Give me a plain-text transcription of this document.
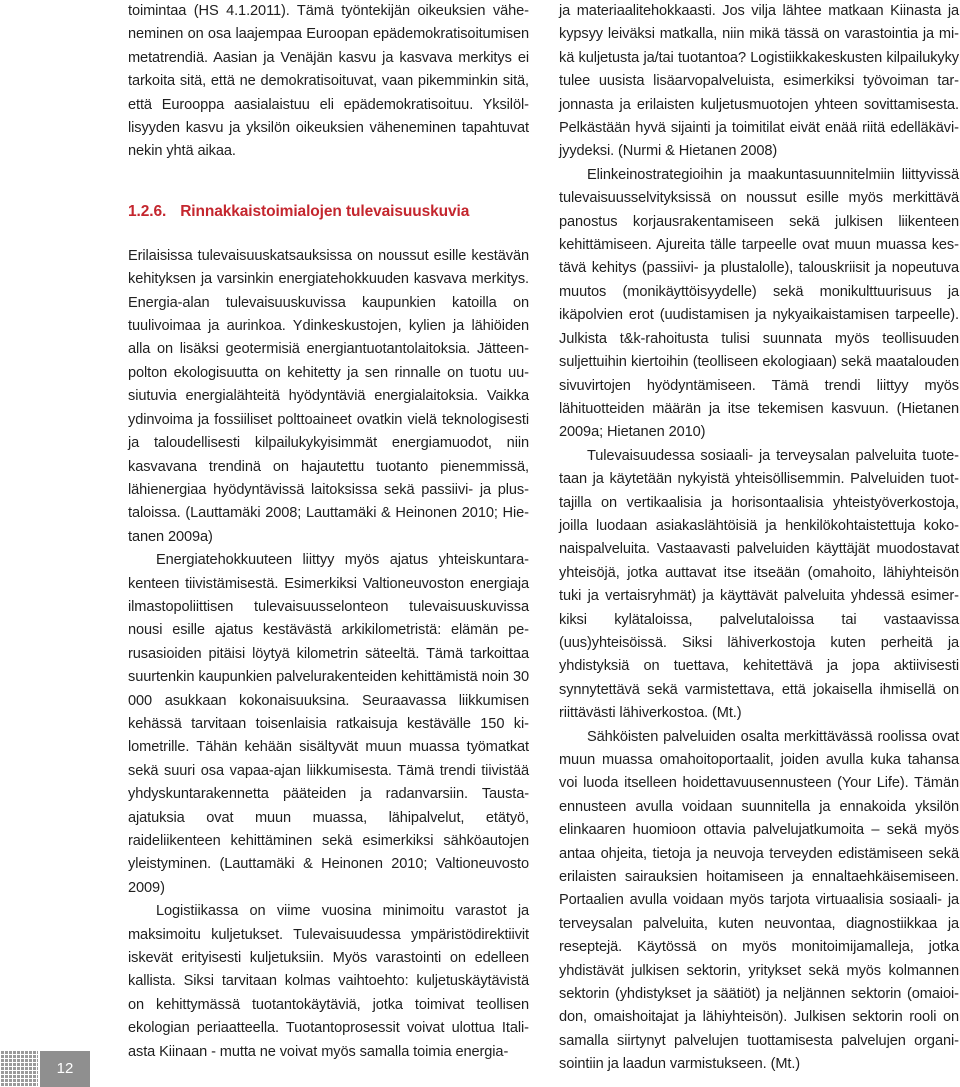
toimintaa (HS 4.1.2011). Tämä työntekijän oikeuksien väheneminen on osa laajempaa Euroopan epädemokratisoitumisen metatrendiä. Aasian ja Venäjän kasvu ja kasvava merkitys ei tarkoita sitä, että ne demokratisoituvat, vaan pikemminkin sitä, että Eurooppa aasialaistuu eli epädemokratisoituu. Yksilöllisyyden kasvu ja yksilön oikeuksien väheneminen tapahtuvat nekin yhtä aikaa.

1.2.6. Rinnakkaistoimialojen tulevaisuuskuvia

Erilaisissa tulevaisuuskatsauksissa on noussut esille kestävän kehityksen ja varsinkin energiatehokkuuden kasvava merkitys. Energia-alan tulevaisuuskuvissa kaupunkien katoilla on tuulivoimaa ja aurinkoa. Ydinkeskustojen, kylien ja lähiöiden alla on lisäksi geotermisiä energiantuotantolaitoksia. Jätteenpolton ekologisuutta on kehitetty ja sen rinnalle on tuotu uusiutuvia energialähteitä hyödyntäviä energialaitoksia. Vaikka ydinvoima ja fossiiliset polttoaineet ovatkin vielä teknologisesti ja taloudellisesti kilpailukykyisimmät energiamuodot, niin kasvavana trendinä on hajautettu tuotanto pienemmissä, lähienergiaa hyödyntävissä laitoksissa sekä passiivi- ja plustaloissa. (Lauttamäki 2008; Lauttamäki & Heinonen 2010; Hietanen 2009a)

Energiatehokkuuteen liittyy myös ajatus yhteiskuntarakenteen tiivistämisestä. Esimerkiksi Valtioneuvoston energiaja ilmastopoliittisen tulevaisuusselonteon tulevaisuuskuvissa nousi esille ajatus kestävästä arkikilometristä: elämän perusasioiden pitäisi löytyä kilometrin säteeltä. Tämä tarkoittaa suurtenkin kaupunkien palvelurakenteiden kehittämistä noin 30 000 asukkaan kokonaisuuksina. Seuraavassa liikkumisen kehässä tarvitaan toisenlaisia ratkaisuja kestävälle 150 kilometrille. Tähän kehään sisältyvät muun muassa työmatkat sekä suuri osa vapaa-ajan liikkumisesta. Tämä trendi tiivistää yhdyskuntarakennetta pääteiden ja radanvarsiin. Tausta-ajatuksia ovat muun muassa, lähipalvelut, etätyö, raideliikenteen kehittäminen sekä esimerkiksi sähköautojen yleistyminen. (Lauttamäki & Heinonen 2010; Valtioneuvosto 2009)

Logistiikassa on viime vuosina minimoitu varastot ja maksimoitu kuljetukset. Tulevaisuudessa ympäristödirektiivit iskevät erityisesti kuljetuksiin. Myös varastointi on edelleen kallista. Siksi tarvitaan kolmas vaihtoehto: kuljetuskäytävistä on kehittymässä tuotantokäytäviä, jotka toimivat teollisen ekologian periaatteella. Tuotantoprosessit voivat ulottua Italiasta Kiinaan - mutta ne voivat myös samalla toimia energia-

ja materiaalitehokkaasti. Jos vilja lähtee matkaan Kiinasta ja kypsyy leiväksi matkalla, niin mikä tässä on varastointia ja mikä kuljetusta ja/tai tuotantoa? Logistiikkakeskusten kilpailukyky tulee uusista lisäarvopalveluista, esimerkiksi työvoiman tarjonnasta ja erilaisten kuljetusmuotojen yhteen sovittamisesta. Pelkästään hyvä sijainti ja toimitilat eivät enää riitä edelläkävijyydeksi. (Nurmi & Hietanen 2008)

Elinkeinostrategioihin ja maakuntasuunnitelmiin liittyvissä tulevaisuusselvityksissä on noussut esille myös merkittävä panostus korjausrakentamiseen sekä julkisen liikenteen kehittämiseen. Ajureita tälle tarpeelle ovat muun muassa kestävä kehitys (passiivi- ja plustalolle), talouskriisit ja nopeutuva muutos (monikäyttöisyydelle) sekä monikulttuurisuus ja ikäpolvien erot (uudistamisen ja nykyaikaistamisen tarpeelle). Julkista t&k-rahoitusta tulisi suunnata myös teollisuuden suljettuihin kiertoihin (teolliseen ekologiaan) sekä maatalouden sivuvirtojen hyödyntämiseen. Tämä trendi liittyy myös lähituotteiden määrän ja itse tekemisen kasvuun. (Hietanen 2009a; Hietanen 2010)

Tulevaisuudessa sosiaali- ja terveysalan palveluita tuotetaan ja käytetään nykyistä yhteisöllisemmin. Palveluiden tuottajilla on vertikaalisia ja horisontaalisia yhteistyöverkostoja, joilla luodaan asiakaslähtöisiä ja henkilökohtaistettuja kokonaispalveluita. Vastaavasti palveluiden käyttäjät muodostavat yhteisöjä, jotka auttavat itse itseään (omahoito, lähiyhteisön tuki ja vertaisryhmät) ja käyttävät palveluita yhdessä esimerkiksi kylätaloissa, palvelutaloissa tai vastaavissa (uus)yhteisöissä. Siksi lähiverkostoja kuten perheitä ja yhdistyksiä on tuettava, kehitettävä ja jopa aktiivisesti synnytettävä sekä varmistettava, että jokaisella ihmisellä on riittävästi lähiverkostoa. (Mt.)

Sähköisten palveluiden osalta merkittävässä roolissa ovat muun muassa omahoitoportaalit, joiden avulla kuka tahansa voi luoda itselleen hoidettavuusennusteen (Your Life). Tämän ennusteen avulla voidaan suunnitella ja ennakoida yksilön elinkaaren huomioon ottavia palvelujatkumoita – sekä myös antaa ohjeita, tietoja ja neuvoja terveyden edistämiseen sekä erilaisten sairauksien hoitamiseen ja ennaltaehkäisemiseen. Portaalien avulla voidaan myös tarjota virtuaalisia sosiaali- ja terveysalan palveluita, kuten neuvontaa, diagnostiikkaa ja reseptejä. Käytössä on myös monitoimijamalleja, jotka yhdistävät julkisen sektorin, yritykset sekä myös kolmannen sektorin (yhdistykset ja säätiöt) ja neljännen sektorin (omaioidon, omaishoitajat ja lähiyhteisön). Julkisen sektorin rooli on samalla siirtynyt palvelujen tuottamisesta palvelujen organisointiin ja laadun varmistukseen. (Mt.)

12
